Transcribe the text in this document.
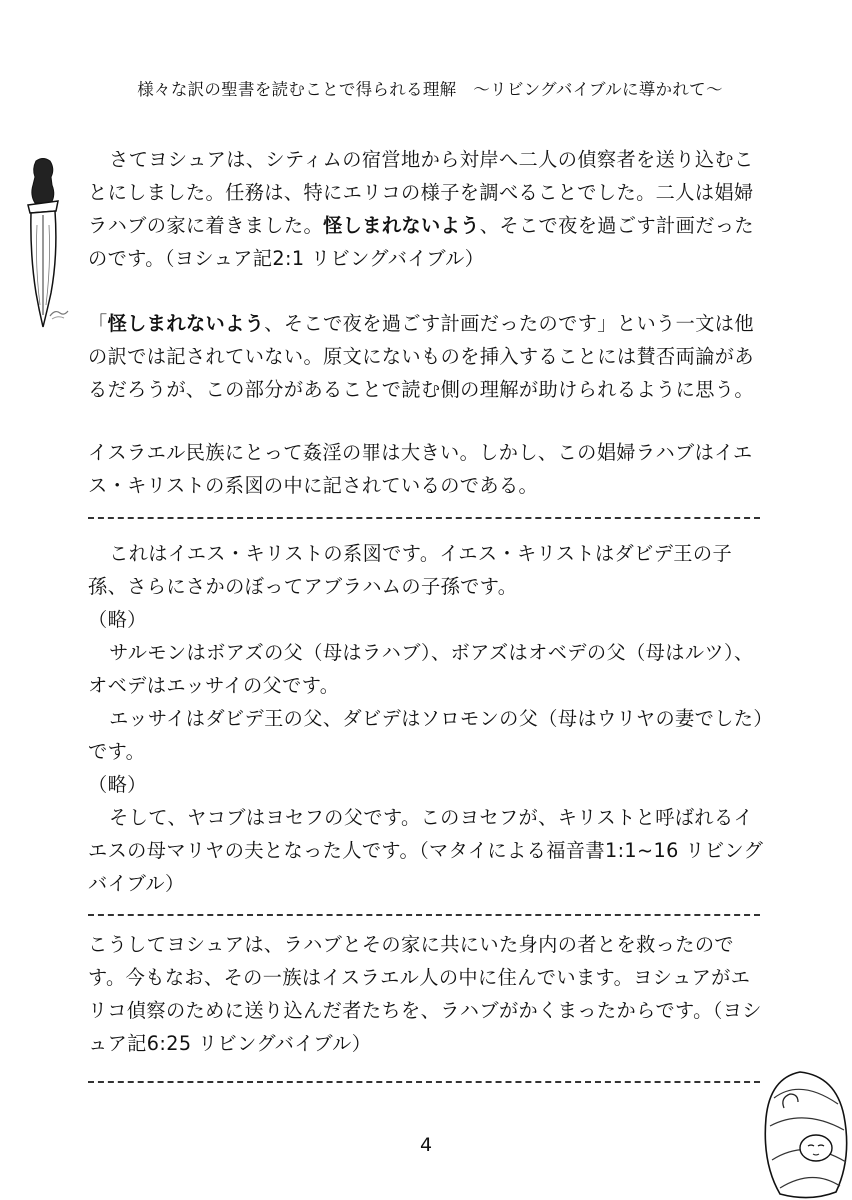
様々な訳の聖書を読むことで得られる理解　～リビングバイブルに導かれて～
さてヨシュアは、シティムの宿営地から対岸へ二人の偵察者を送り込むことにしました。任務は、特にエリコの様子を調べることでした。二人は娼婦ラハブの家に着きました。怪しまれないよう、そこで夜を過ごす計画だったのです。（ヨシュア記2:1 リビングバイブル）
「怪しまれないよう、そこで夜を過ごす計画だったのです」という一文は他の訳では記されていない。原文にないものを挿入することには賛否両論があるだろうが、この部分があることで読む側の理解が助けられるように思う。
イスラエル民族にとって姦淫の罪は大きい。しかし、この娼婦ラハブはイエス・キリストの系図の中に記されているのである。
これはイエス・キリストの系図です。イエス・キリストはダビデ王の子孫、さらにさかのぼってアブラハムの子孫です。
（略）
サルモンはボアズの父（母はラハブ）、ボアズはオベデの父（母はルツ）、オベデはエッサイの父です。
エッサイはダビデ王の父、ダビデはソロモンの父（母はウリヤの妻でした）です。
（略）
そして、ヤコブはヨセフの父です。このヨセフが、キリストと呼ばれるイエスの母マリヤの夫となった人です。（マタイによる福音書1:1~16 リビングバイブル）
こうしてヨシュアは、ラハブとその家に共にいた身内の者とを救ったのです。今もなお、その一族はイスラエル人の中に住んでいます。ヨシュアがエリコ偵察のために送り込んだ者たちを、ラハブがかくまったからです。（ヨシュア記6:25 リビングバイブル）
4
